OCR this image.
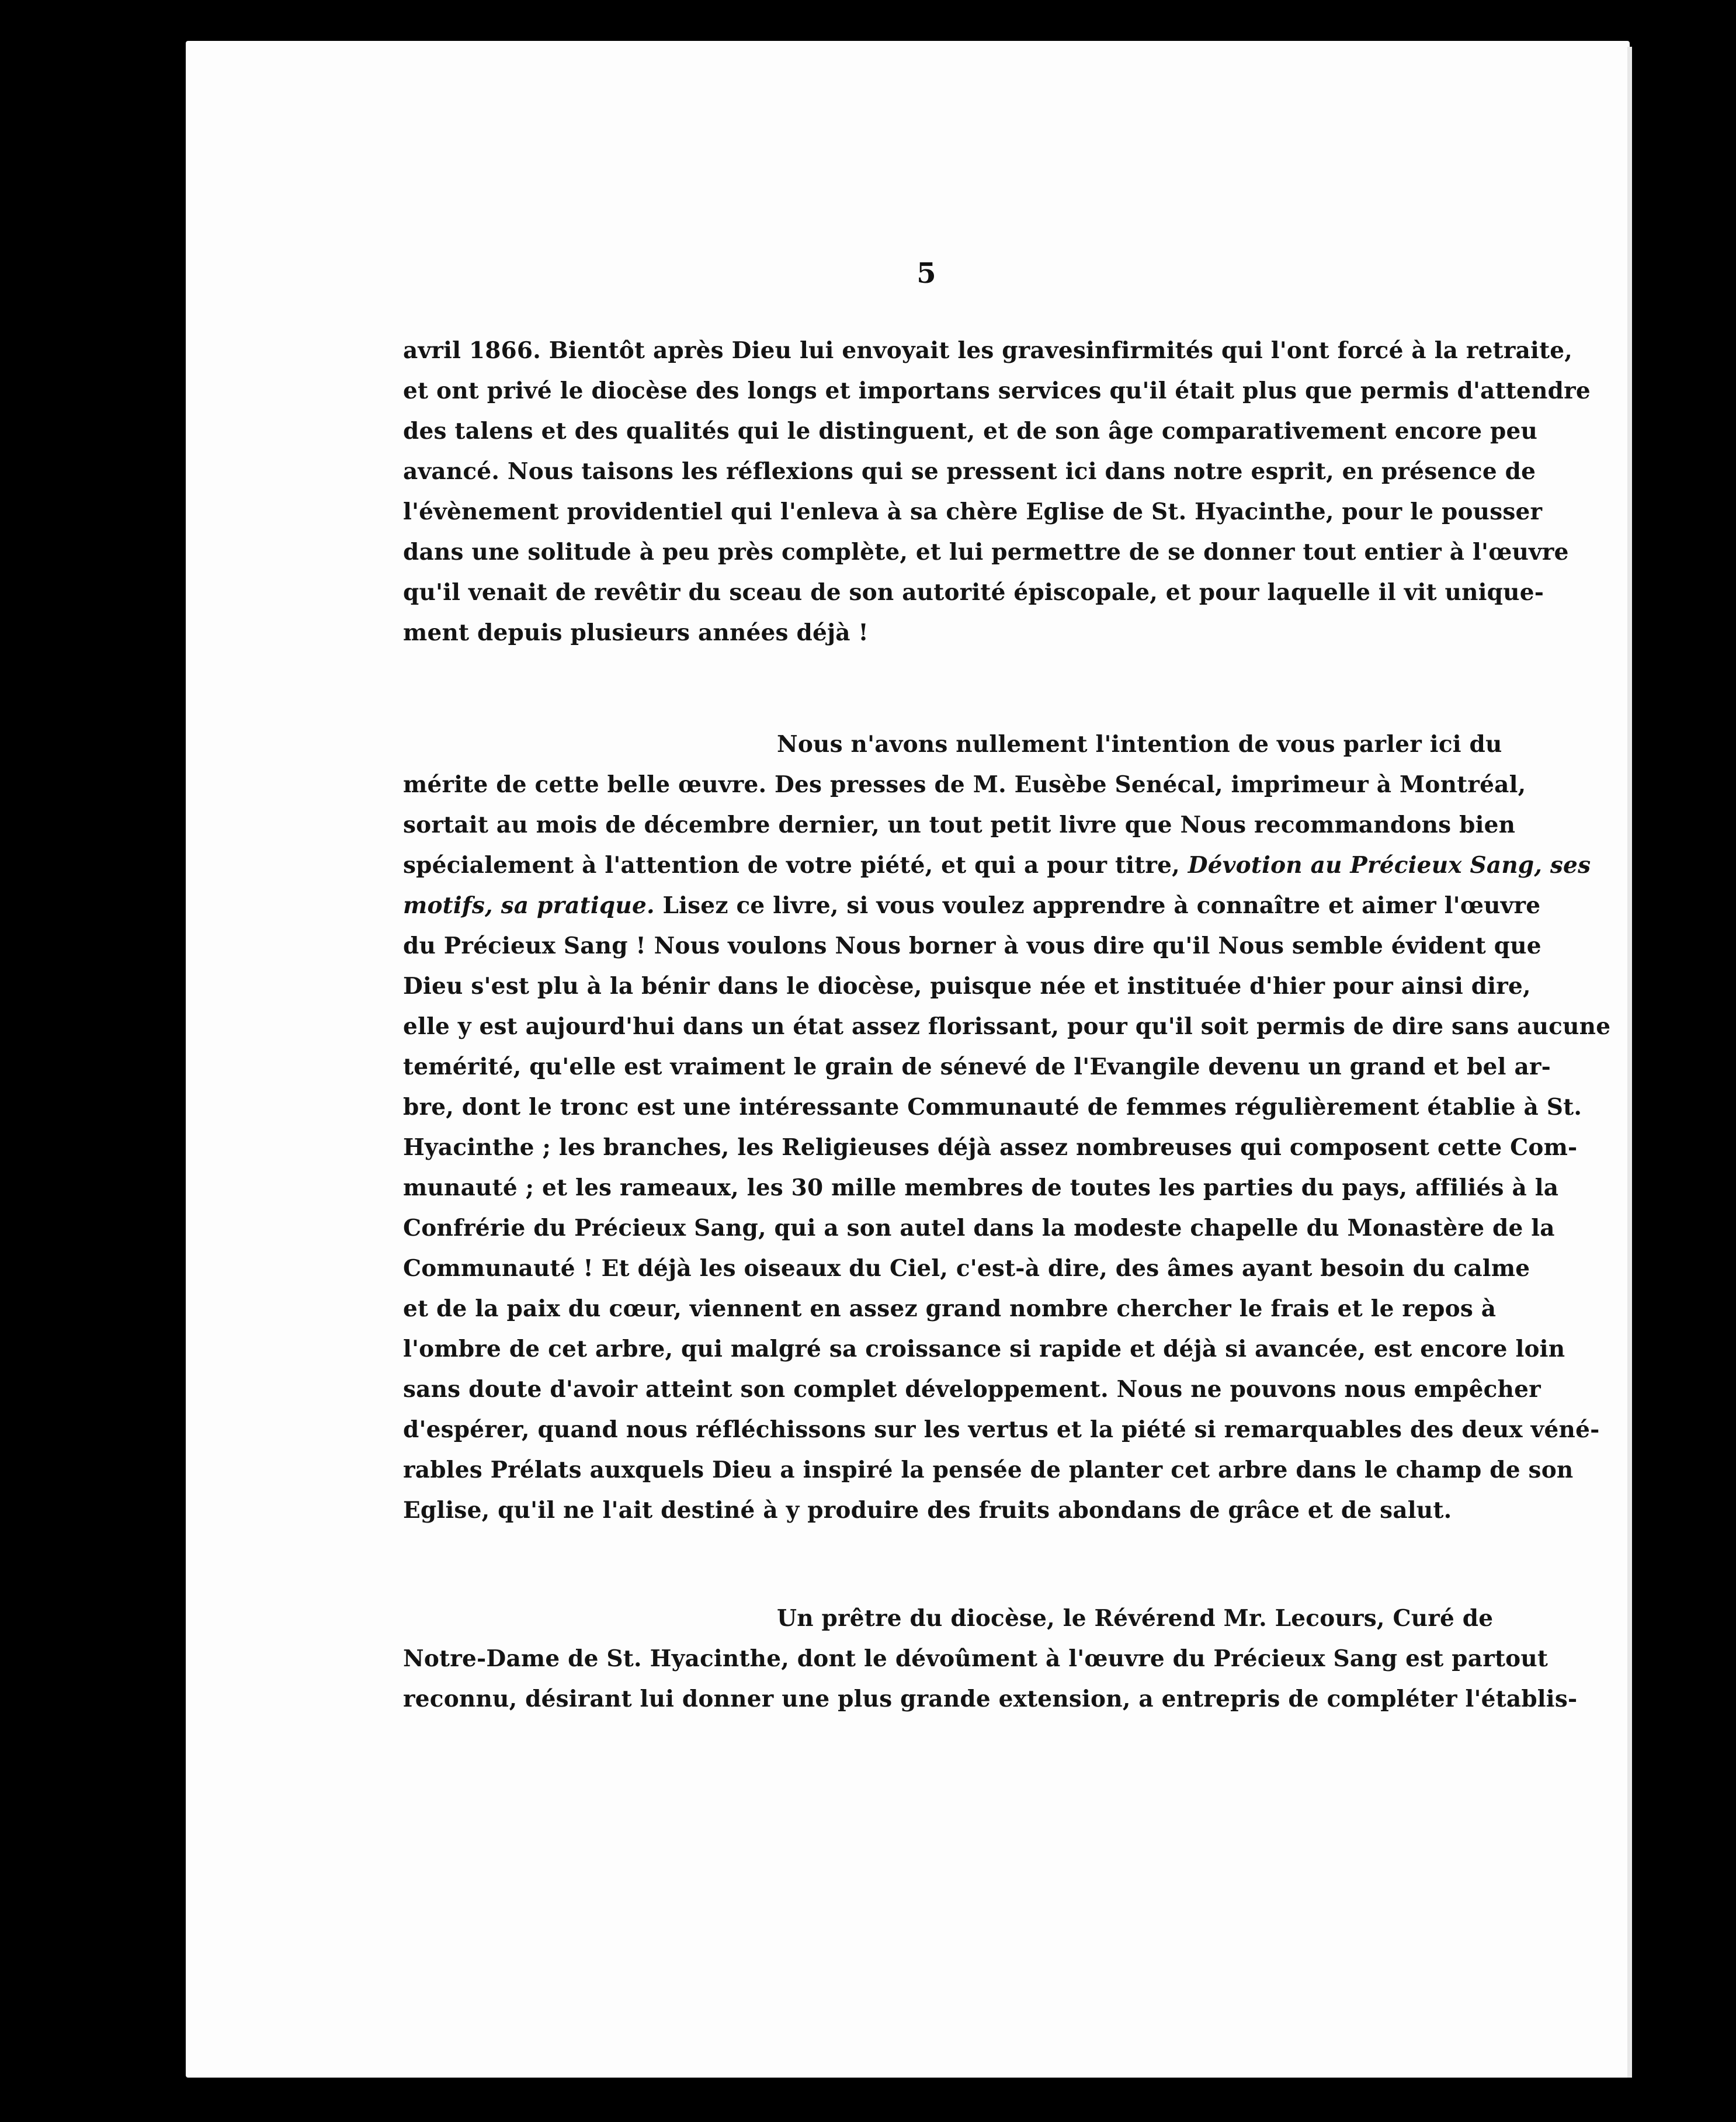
5
avril 1866. Bientôt après Dieu lui envoyait les gravesinfirmités qui l'ont forcé à la retraite,
et ont privé le diocèse des longs et importans services qu'il était plus que permis d'attendre
des talens et des qualités qui le distinguent, et de son âge comparativement encore peu
avancé. Nous taisons les réflexions qui se pressent ici dans notre esprit, en présence de
l'évènement providentiel qui l'enleva à sa chère Eglise de St. Hyacinthe, pour le pousser
dans une solitude à peu près complète, et lui permettre de se donner tout entier à l'œuvre
qu'il venait de revêtir du sceau de son autorité épiscopale, et pour laquelle il vit unique-
ment depuis plusieurs années déjà !
Nous n'avons nullement l'intention de vous parler ici du
mérite de cette belle œuvre. Des presses de M. Eusèbe Senécal, imprimeur à Montréal,
sortait au mois de décembre dernier, un tout petit livre que Nous recommandons bien
spécialement à l'attention de votre piété, et qui a pour titre, Dévotion au Précieux Sang, ses
motifs, sa pratique. Lisez ce livre, si vous voulez apprendre à connaître et aimer l'œuvre
du Précieux Sang ! Nous voulons Nous borner à vous dire qu'il Nous semble évident que
Dieu s'est plu à la bénir dans le diocèse, puisque née et instituée d'hier pour ainsi dire,
elle y est aujourd'hui dans un état assez florissant, pour qu'il soit permis de dire sans aucune
temérité, qu'elle est vraiment le grain de sénevé de l'Evangile devenu un grand et bel ar-
bre, dont le tronc est une intéressante Communauté de femmes régulièrement établie à St.
Hyacinthe ; les branches, les Religieuses déjà assez nombreuses qui composent cette Com-
munauté ; et les rameaux, les 30 mille membres de toutes les parties du pays, affiliés à la
Confrérie du Précieux Sang, qui a son autel dans la modeste chapelle du Monastère de la
Communauté ! Et déjà les oiseaux du Ciel, c'est-à dire, des âmes ayant besoin du calme
et de la paix du cœur, viennent en assez grand nombre chercher le frais et le repos à
l'ombre de cet arbre, qui malgré sa croissance si rapide et déjà si avancée, est encore loin
sans doute d'avoir atteint son complet développement. Nous ne pouvons nous empêcher
d'espérer, quand nous réfléchissons sur les vertus et la piété si remarquables des deux véné-
rables Prélats auxquels Dieu a inspiré la pensée de planter cet arbre dans le champ de son
Eglise, qu'il ne l'ait destiné à y produire des fruits abondans de grâce et de salut.
Un prêtre du diocèse, le Révérend Mr. Lecours, Curé de
Notre-Dame de St. Hyacinthe, dont le dévoûment à l'œuvre du Précieux Sang est partout
reconnu, désirant lui donner une plus grande extension, a entrepris de compléter l'établis-
